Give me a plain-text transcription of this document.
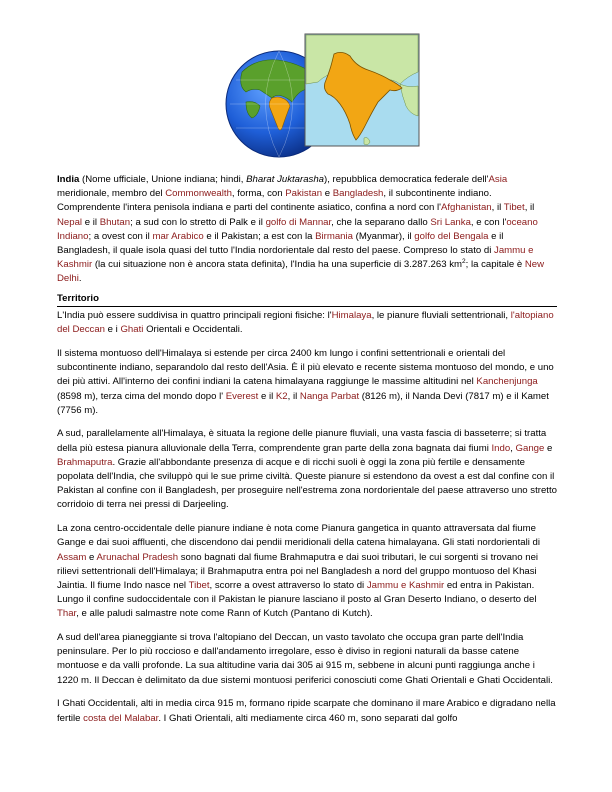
India (Nome ufficiale, Unione indiana; hindi, Bharat Juktarasha), repubblica democratica federale dell'Asia meridionale, membro del Commonwealth, forma, con Pakistan e Bangladesh, il subcontinente indiano. Comprendente l'intera penisola indiana e parti del continente asiatico, confina a nord con l'Afghanistan, il Tibet, il Nepal e il Bhutan; a sud con lo stretto di Palk e il golfo di Mannar, che la separano dallo Sri Lanka, e con l'oceano Indiano; a ovest con il mar Arabico e il Pakistan; a est con la Birmania (Myanmar), il golfo del Bengala e il Bangladesh, il quale isola quasi del tutto l'India nordorientale dal resto del paese. Compreso lo stato di Jammu e Kashmir (la cui situazione non è ancora stata definita), l'India ha una superficie di 3.287.263 $km^2$; la capitale è New Delhi.

Territorio

L'India può essere suddivisa in quattro principali regioni fisiche: l'Himalaya, le pianure fluviali settentrionali, l'altopiano del Deccan e i Ghati Orientali e Occidentali.

Il sistema montuoso dell'Himalaya si estende per circa 2400 km lungo i confini settentrionali e orientali del subcontinente indiano, separandolo dal resto dell'Asia. È il più elevato e recente sistema montuoso del mondo, e uno dei più attivi. All'interno dei confini indiani la catena himalayana raggiunge le massime altitudini nel Kanchenjunga (8598 m), terza cima del mondo dopo l' Everest e il K2, il Nanga Parbat (8126 m), il Nanda Devi (7817 m) e il Kamet (7756 m).

A sud, parallelamente all'Himalaya, è situata la regione delle pianure fluviali, una vasta fascia di basseterre; si tratta della più estesa pianura alluvionale della Terra, comprendente gran parte della zona bagnata dai fiumi Indo, Gange e Brahmaputra. Grazie all'abbondante presenza di acque e di ricchi suoli è oggi la zona più fertile e densamente popolata dell'India, che sviluppò qui le sue prime civiltà. Queste pianure si estendono da ovest a est dal confine con il Pakistan al confine con il Bangladesh, per proseguire nell'estrema zona nordorientale del paese attraverso uno stretto corridoio di terra nei pressi di Darjeeling.

La zona centro-occidentale delle pianure indiane è nota come Pianura gangetica in quanto attraversata dal fiume Gange e dai suoi affluenti, che discendono dai pendii meridionali della catena himalayana. Gli stati nordorientali di Assam e Arunachal Pradesh sono bagnati dal fiume Brahmaputra e dai suoi tributari, le cui sorgenti si trovano nei rilievi settentrionali dell'Himalaya; il Brahmaputra entra poi nel Bangladesh a nord del gruppo montuoso del Khasi Jaintia. Il fiume Indo nasce nel Tibet, scorre a ovest attraverso lo stato di Jammu e Kashmir ed entra in Pakistan. Lungo il confine sudoccidentale con il Pakistan le pianure lasciano il posto al Gran Deserto Indiano, o deserto del Thar, e alle paludi salmastre note come Rann of Kutch (Pantano di Kutch).

A sud dell'area pianeggiante si trova l'altopiano del Deccan, un vasto tavolato che occupa gran parte dell'India peninsulare. Per lo più roccioso e dall'andamento irregolare, esso è diviso in regioni naturali da basse catene montuose e da valli profonde. La sua altitudine varia dai 305 ai 915 m, sebbene in alcuni punti raggiunga anche i 1220 m. Il Deccan è delimitato da due sistemi montuosi periferici conosciuti come Ghati Orientali e Ghati Occidentali.

I Ghati Occidentali, alti in media circa 915 m, formano ripide scarpate che dominano il mare Arabico e digradano nella fertile costa del Malabar. I Ghati Orientali, alti mediamente circa 460 m, sono separati dal golfo
